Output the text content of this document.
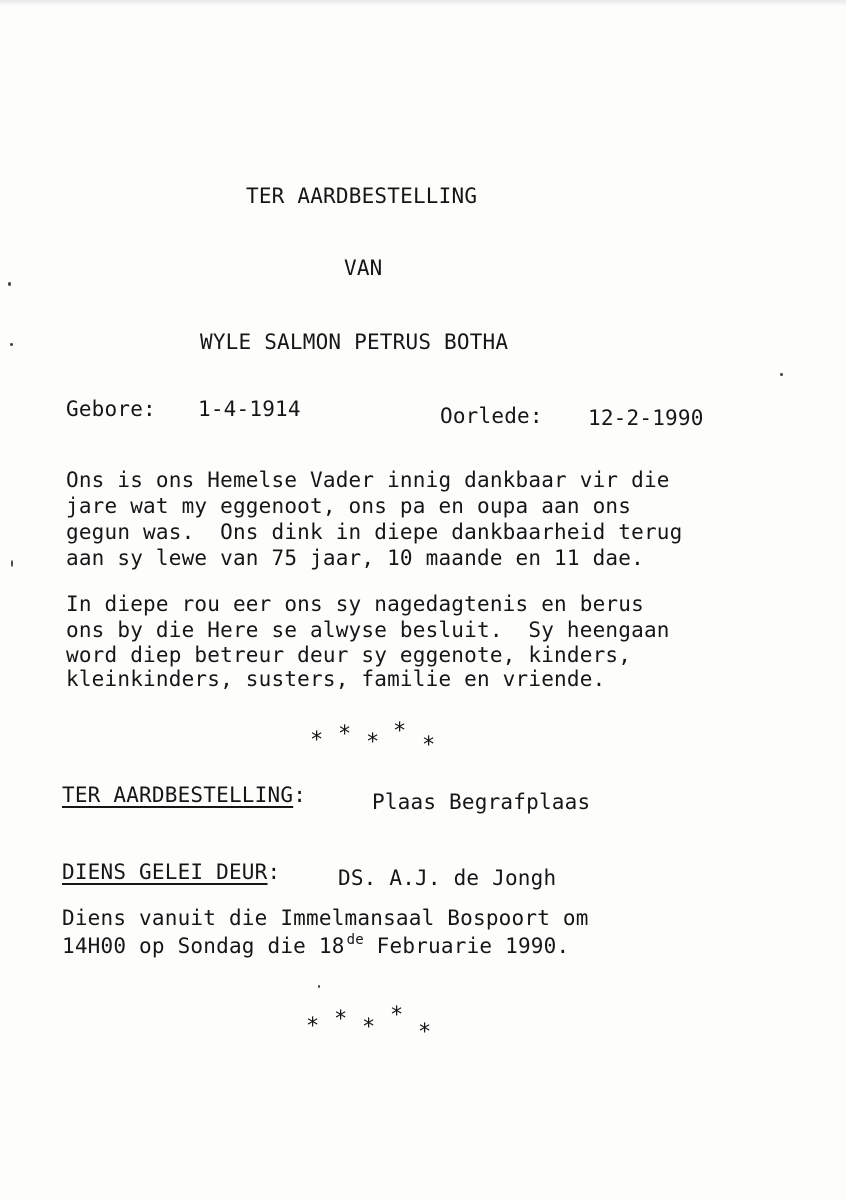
TER AARDBESTELLING
VAN
WYLE SALMON PETRUS BOTHA
Gebore: 1-4-1914	Oorlede: 12-2-1990
Ons is ons Hemelse Vader innig dankbaar vir die
jare wat my eggenoot, ons pa en oupa aan ons
gegun was.  Ons dink in diepe dankbaarheid terug
aan sy lewe van 75 jaar, 10 maande en 11 dae.
In diepe rou eer ons sy nagedagtenis en berus
ons by die Here se alwyse besluit.  Sy heengaan
word diep betreur deur sy eggenote, kinders,
kleinkinders, susters, familie en vriende.
* * * *
*
TER AARDBESTELLING:	Plaas Begrafplaas
DIENS GELEI DEUR:	DS. A.J. de Jongh
Diens vanuit die Immelmansaal Bospoort om
14H00 op Sondag die 18 $^{de}$ Februarie 1990.
* * * *
*
